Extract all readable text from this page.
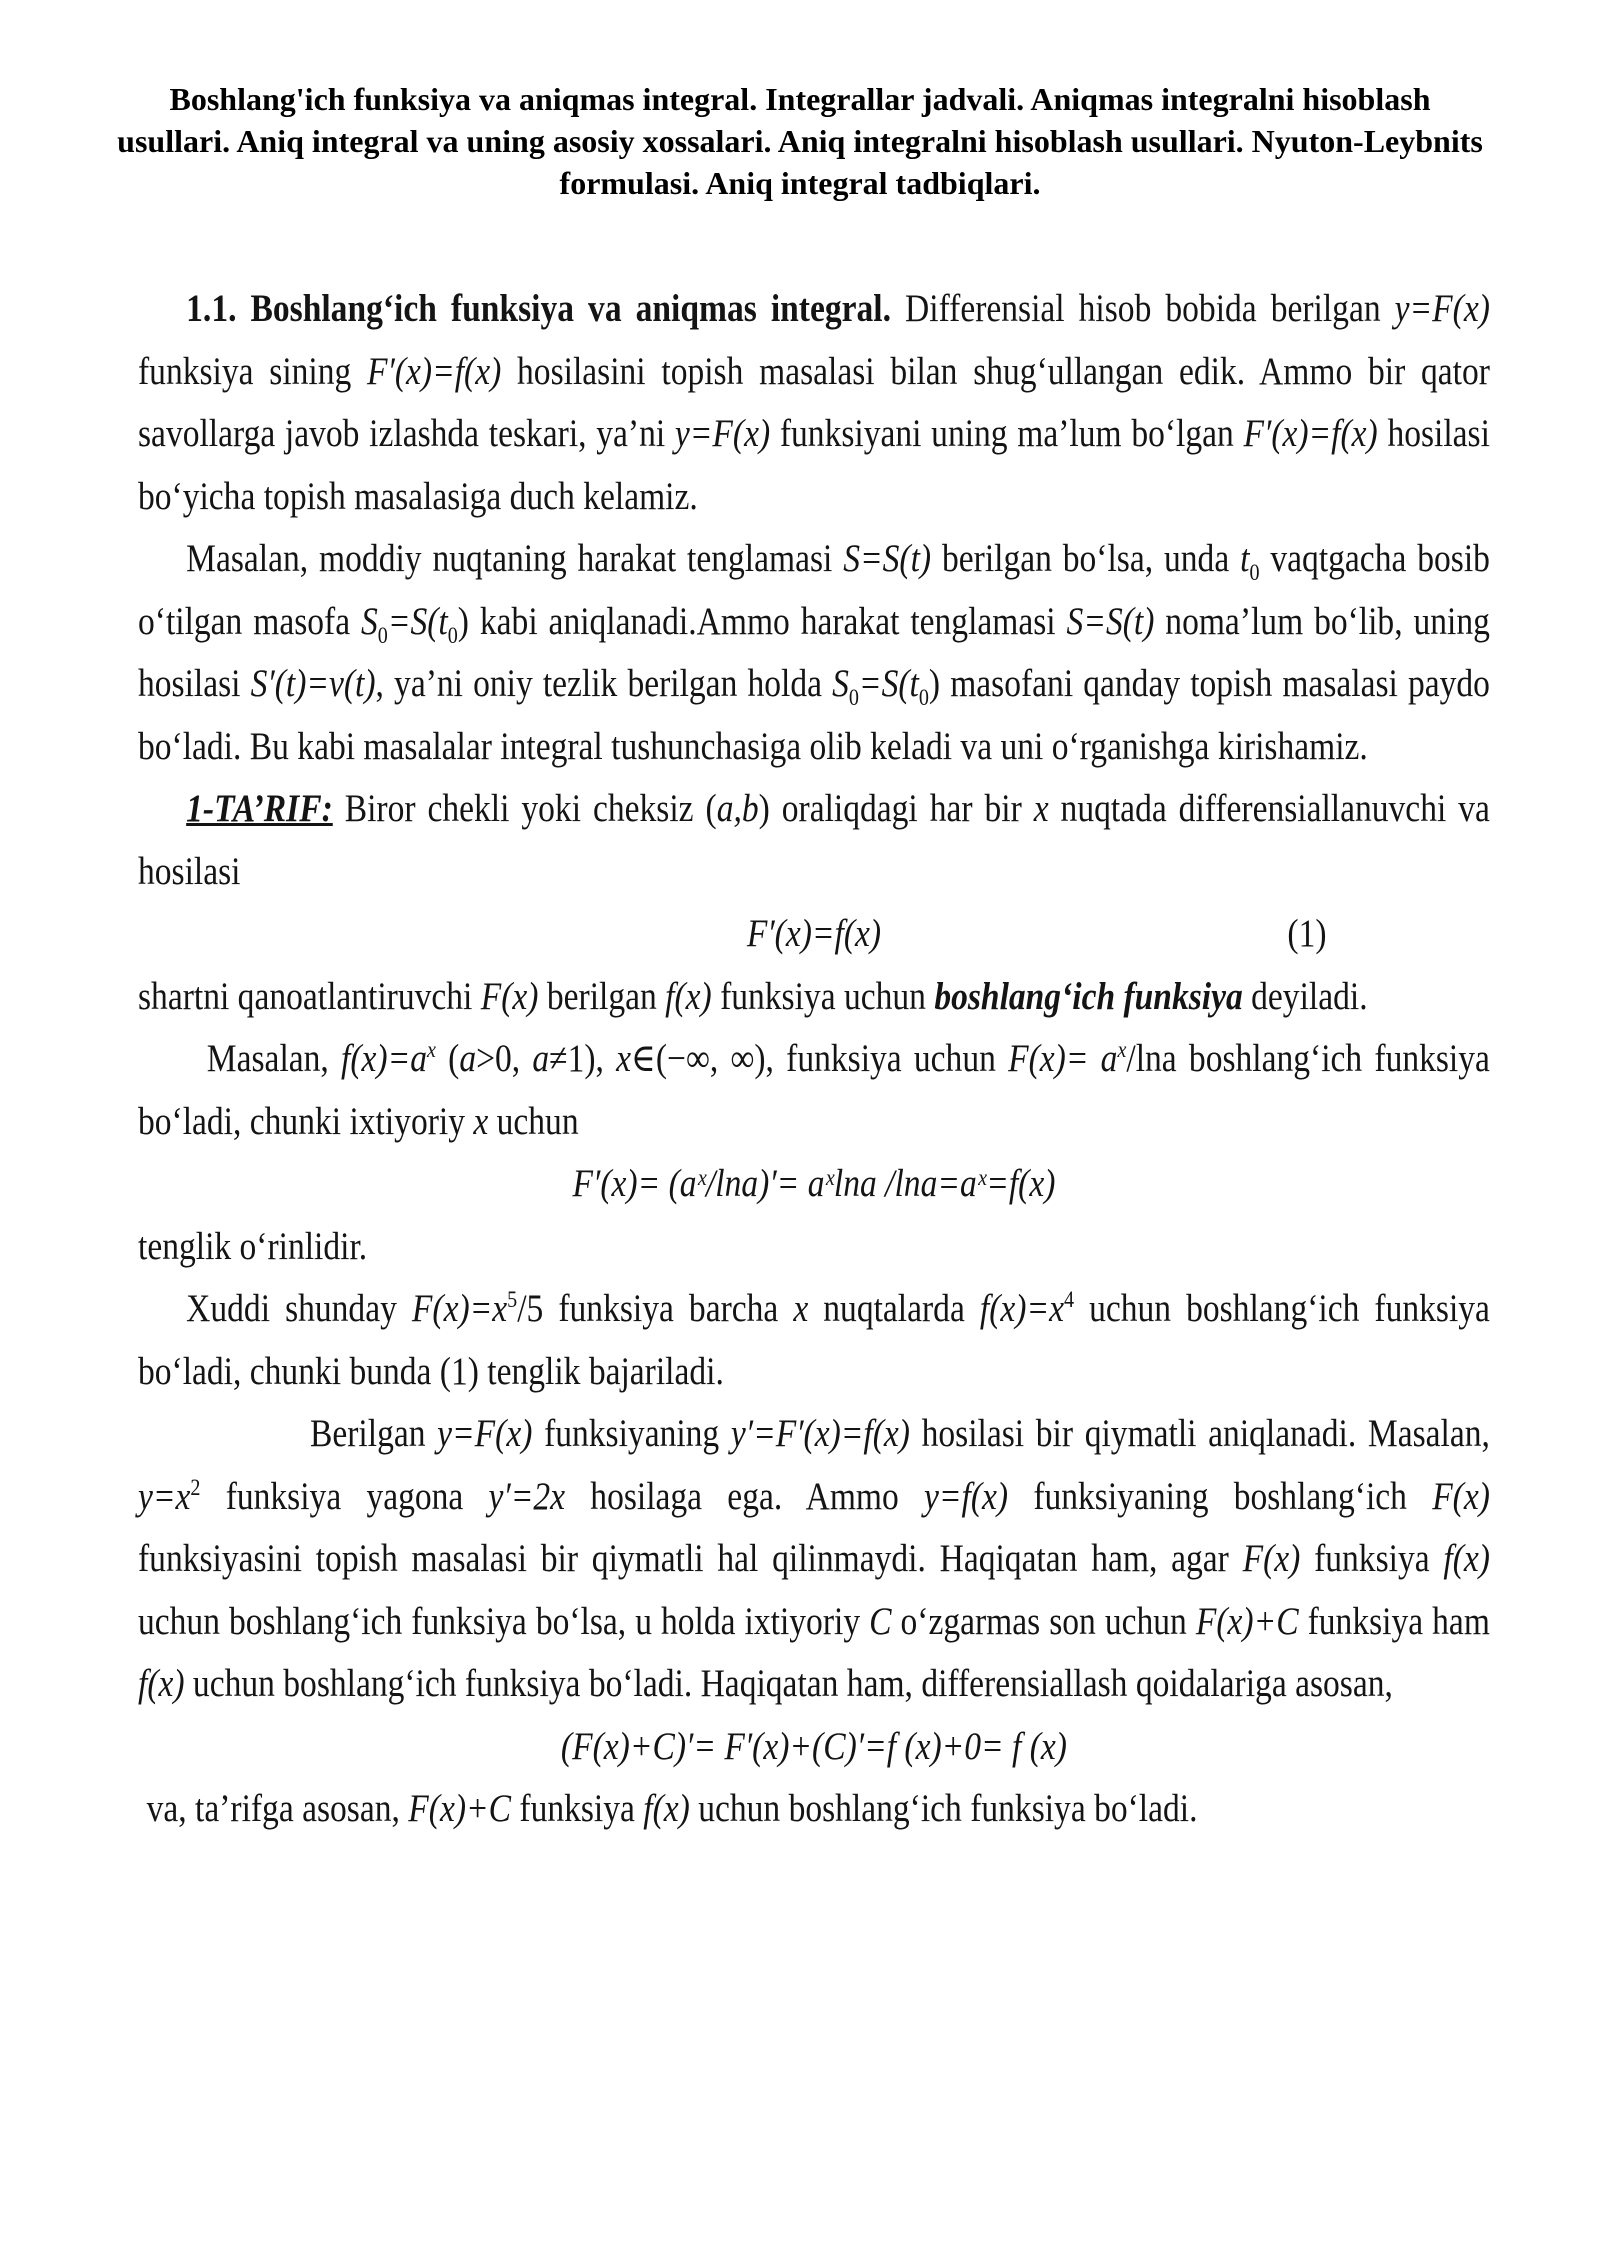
Boshlang'ich funksiya va aniqmas integral. Integrallar jadvali. Aniqmas integralni hisoblash usullari. Aniq integral va uning asosiy xossalari. Aniq integralni hisoblash usullari. Nyuton-Leybnits formulasi. Aniq integral tadbiqlari.

1.1. Boshlang‘ich funksiya va aniqmas integral. Differensial hisob bobida berilgan y=F(x) funksiya sining F′(x)=f(x) hosilasini topish masalasi bilan shug‘ullangan edik. Ammo bir qator savollarga javob izlashda teskari, ya’ni y=F(x) funksiyani uning ma’lum bo‘lgan F′(x)=f(x) hosilasi bo‘yicha topish masalasiga duch kelamiz.

Masalan, moddiy nuqtaning harakat tenglamasi S=S(t) berilgan bo‘lsa, unda $t_0$ vaqtgacha bosib o‘tilgan masofa $S_0=S(t_0)$ kabi aniqlanadi.Ammo harakat tenglamasi S=S(t) noma’lum bo‘lib, uning hosilasi S′(t)=v(t), ya’ni oniy tezlik berilgan holda $S_0=S(t_0)$ masofani qanday topish masalasi paydo bo‘ladi. Bu kabi masalalar integral tushunchasiga olib keladi va uni o‘rganishga kirishamiz.

1-TA’RIF: Biror chekli yoki cheksiz (a,b) oraliqdagi har bir x nuqtada differensiallanuvchi va hosilasi

F′(x)=f(x)	(1)

shartni qanoatlantiruvchi F(x) berilgan f(x) funksiya uchun boshlang‘ich funksiya deyiladi.

Masalan, $f(x)=a^x$ (a>0, a≠1), x∈(−∞, ∞), funksiya uchun $F(x)= a^x$/lna boshlang‘ich funksiya bo‘ladi, chunki ixtiyoriy x uchun

F′(x)= (aˣ/lna)′= aˣlna /lna=aˣ=f(x)

tenglik o‘rinlidir.

Xuddi shunday $F(x)=x^5/5$ funksiya barcha x nuqtalarda $f(x)=x^4$ uchun boshlang‘ich funksiya bo‘ladi, chunki bunda (1) tenglik bajariladi.

Berilgan y=F(x) funksiyaning y′=F′(x)=f(x) hosilasi bir qiymatli aniqlanadi. Masalan, $y=x^2$ funksiya yagona y′=2x hosilaga ega. Ammo y=f(x) funksiyaning boshlang‘ich F(x) funksiyasini topish masalasi bir qiymatli hal qilinmaydi. Haqiqatan ham, agar F(x) funksiya f(x) uchun boshlang‘ich funksiya bo‘lsa, u holda ixtiyoriy C o‘zgarmas son uchun F(x)+C funksiya ham f(x) uchun boshlang‘ich funksiya bo‘ladi. Haqiqatan ham, differensiallash qoidalariga asosan,

(F(x)+C)′= F′(x)+(C)′=f (x)+0= f (x)

va, ta’rifga asosan, F(x)+C funksiya f(x) uchun boshlang‘ich funksiya bo‘ladi.
